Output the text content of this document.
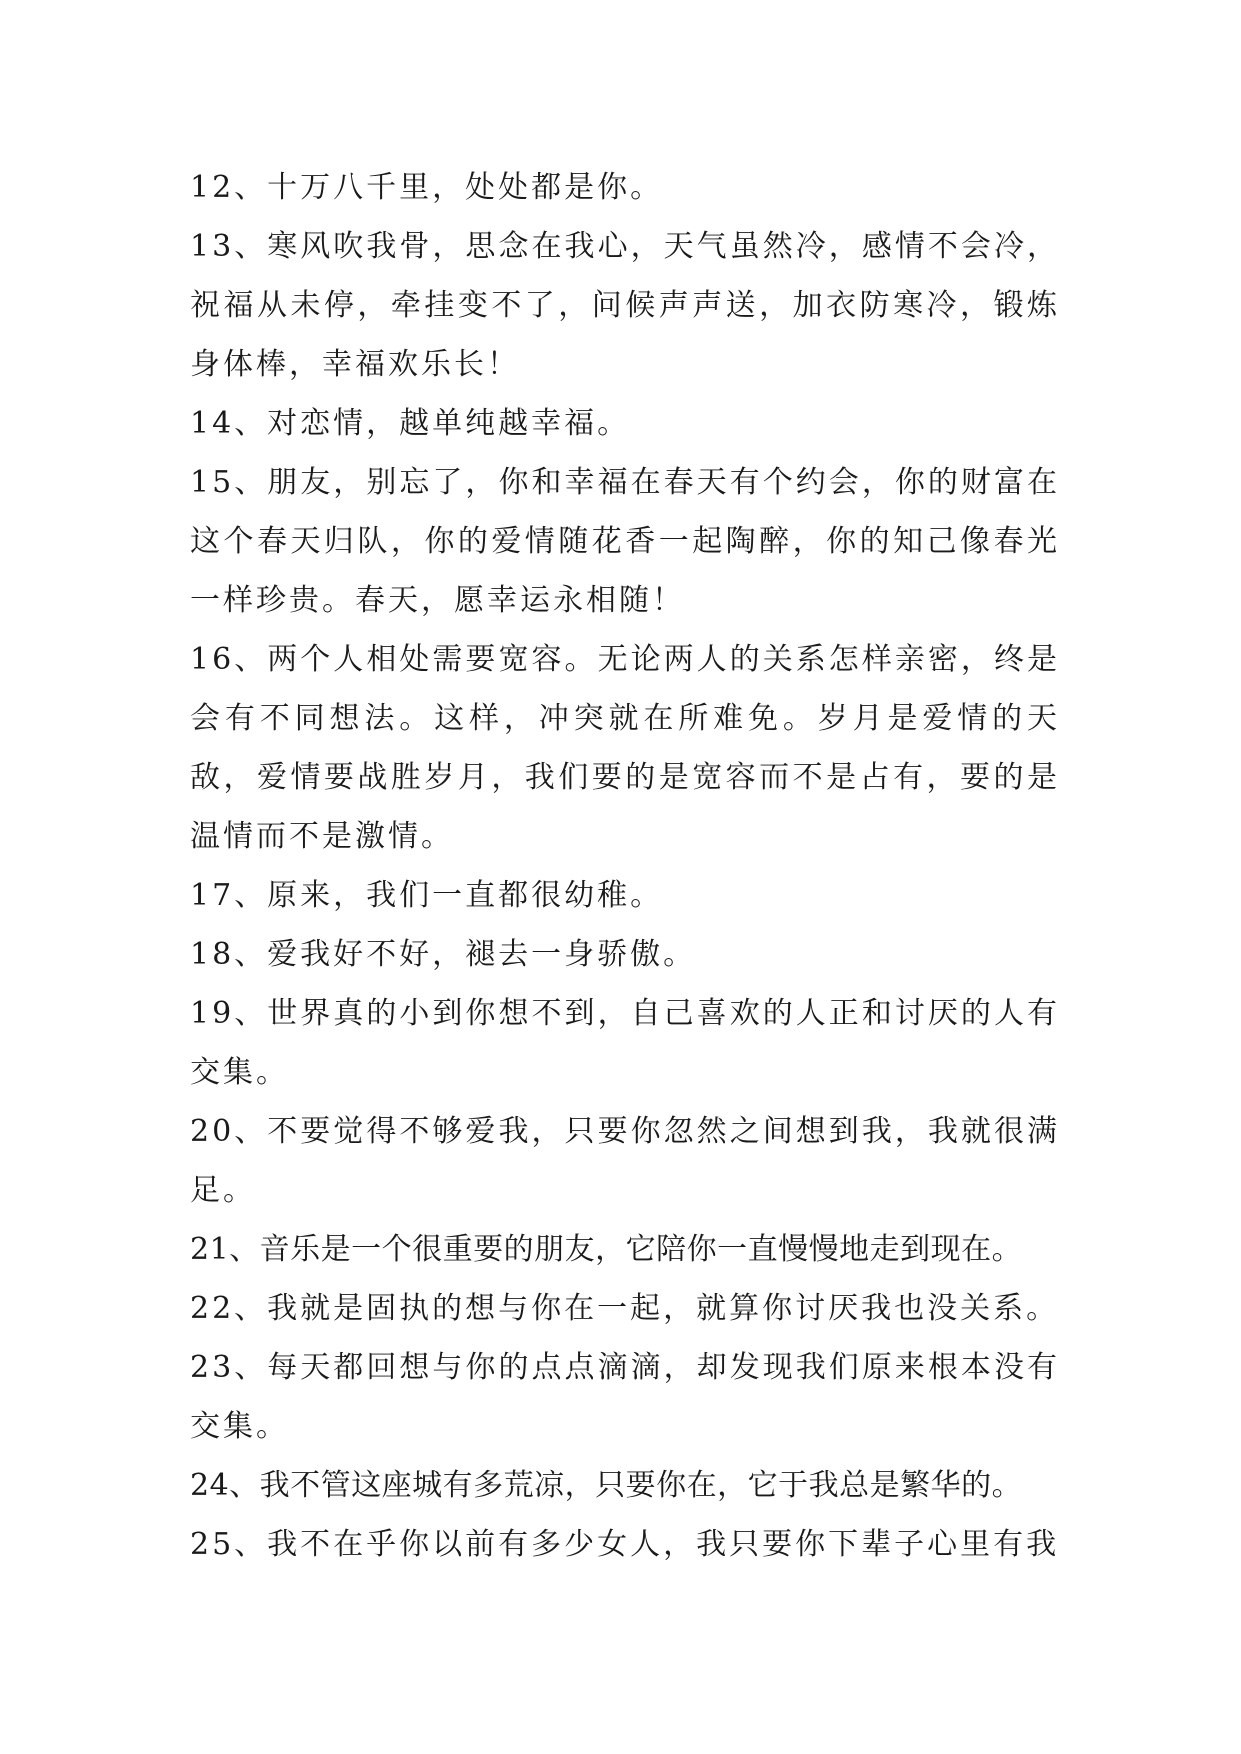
12、十万八千里，处处都是你。

13、寒风吹我骨，思念在我心，天气虽然冷，感情不会冷，祝福从未停，牵挂变不了，问候声声送，加衣防寒冷，锻炼身体棒，幸福欢乐长！

14、对恋情，越单纯越幸福。

15、朋友，别忘了，你和幸福在春天有个约会，你的财富在这个春天归队，你的爱情随花香一起陶醉，你的知己像春光一样珍贵。春天，愿幸运永相随！

16、两个人相处需要宽容。无论两人的关系怎样亲密，终是会有不同想法。这样，冲突就在所难免。岁月是爱情的天敌，爱情要战胜岁月，我们要的是宽容而不是占有，要的是温情而不是激情。

17、原来，我们一直都很幼稚。

18、爱我好不好，褪去一身骄傲。

19、世界真的小到你想不到，自己喜欢的人正和讨厌的人有交集。

20、不要觉得不够爱我，只要你忽然之间想到我，我就很满足。

21、音乐是一个很重要的朋友，它陪你一直慢慢地走到现在。

22、我就是固执的想与你在一起，就算你讨厌我也没关系。

23、每天都回想与你的点点滴滴，却发现我们原来根本没有交集。

24、我不管这座城有多荒凉，只要你在，它于我总是繁华的。

25、我不在乎你以前有多少女人，我只要你下辈子心里有我
